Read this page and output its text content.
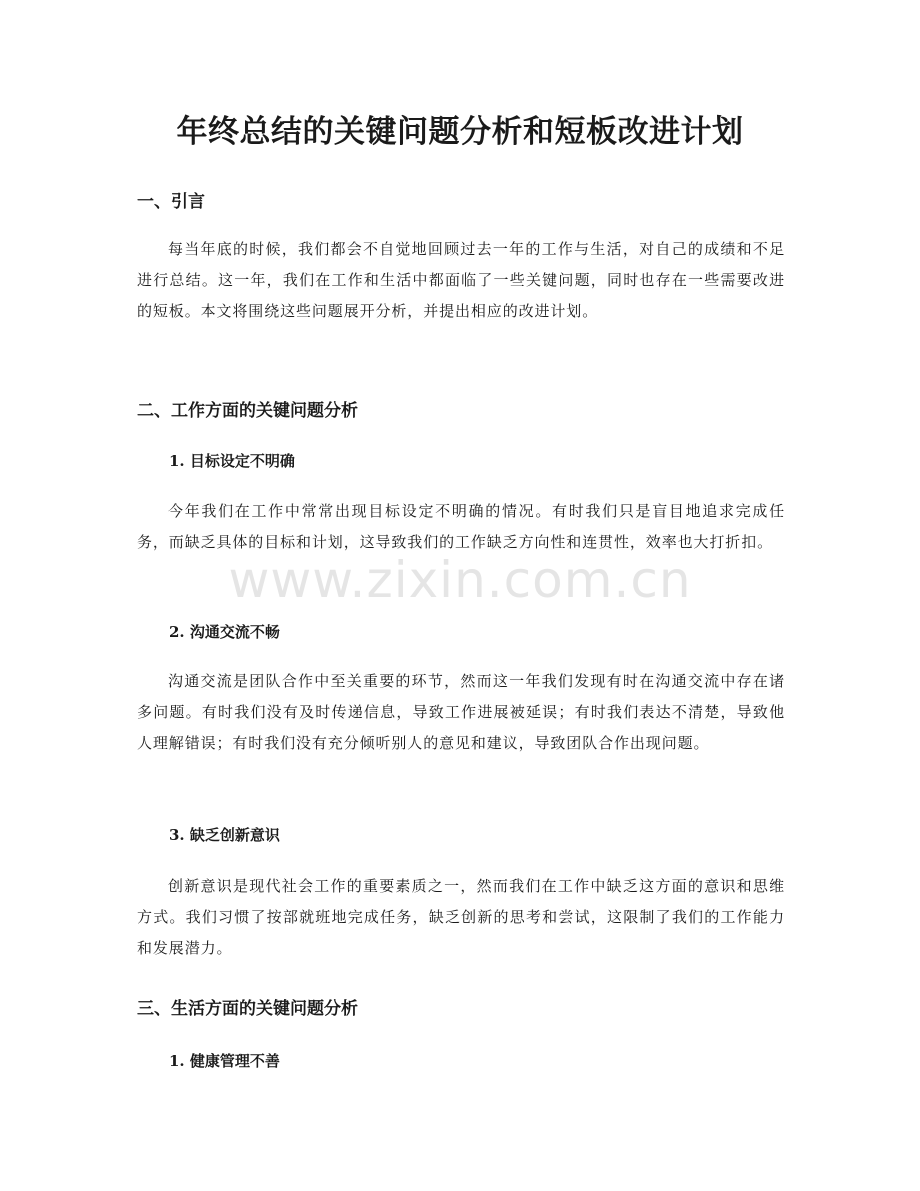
年终总结的关键问题分析和短板改进计划
一、引言

每当年底的时候，我们都会不自觉地回顾过去一年的工作与生活，对自己的成绩和不足进行总结。这一年，我们在工作和生活中都面临了一些关键问题，同时也存在一些需要改进的短板。本文将围绕这些问题展开分析，并提出相应的改进计划。

二、工作方面的关键问题分析
1. 目标设定不明确

今年我们在工作中常常出现目标设定不明确的情况。有时我们只是盲目地追求完成任务，而缺乏具体的目标和计划，这导致我们的工作缺乏方向性和连贯性，效率也大打折扣。

2. 沟通交流不畅

沟通交流是团队合作中至关重要的环节，然而这一年我们发现有时在沟通交流中存在诸多问题。有时我们没有及时传递信息，导致工作进展被延误；有时我们表达不清楚，导致他人理解错误；有时我们没有充分倾听别人的意见和建议，导致团队合作出现问题。

3. 缺乏创新意识

创新意识是现代社会工作的重要素质之一，然而我们在工作中缺乏这方面的意识和思维方式。我们习惯了按部就班地完成任务，缺乏创新的思考和尝试，这限制了我们的工作能力和发展潜力。

三、生活方面的关键问题分析
1. 健康管理不善
www.zixin.com.cn
